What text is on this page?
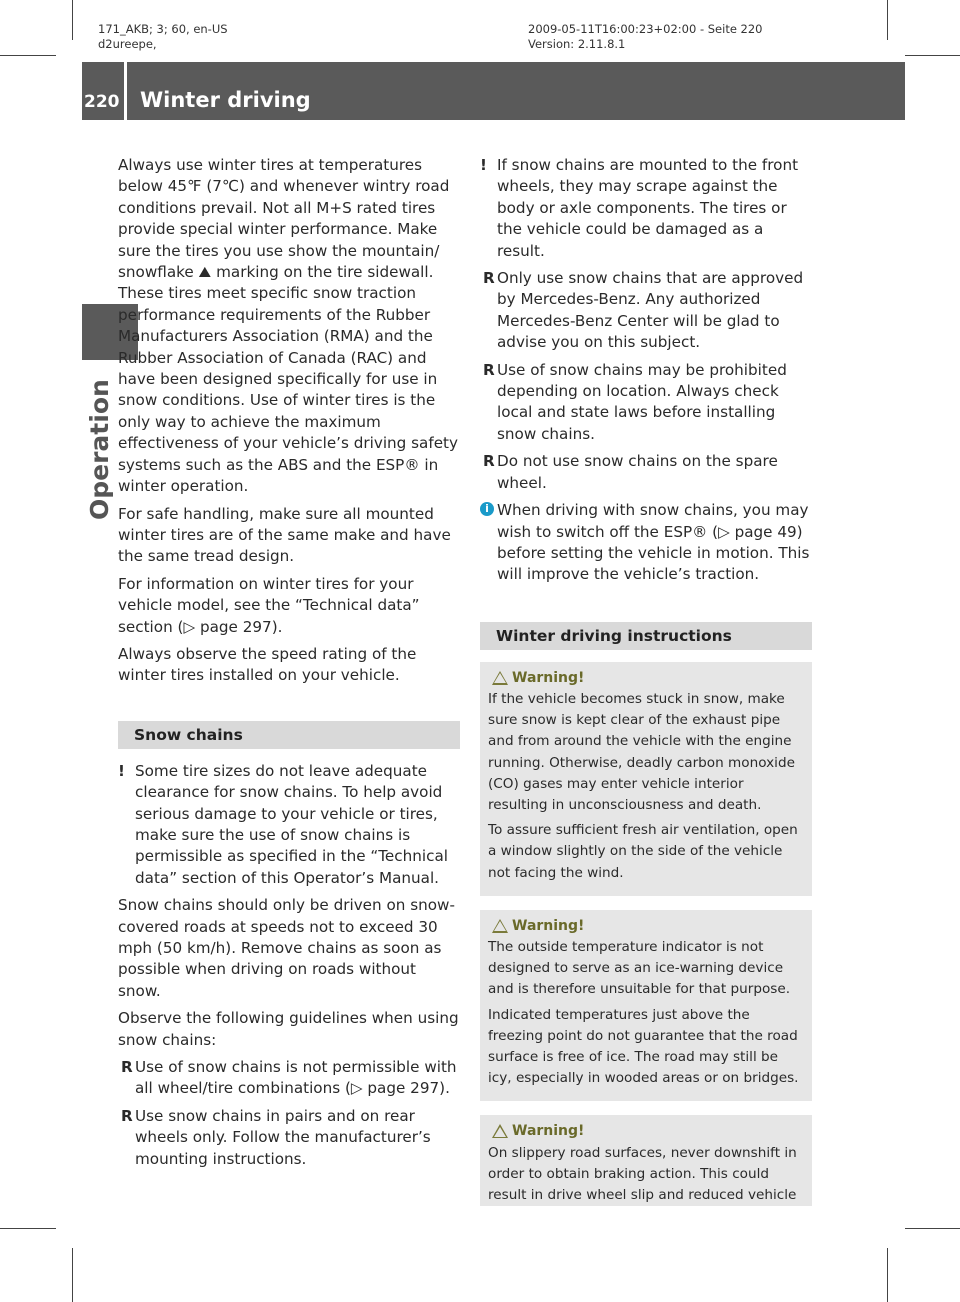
171_AKB; 3; 60, en-US
d2ureepe,
2009-05-11T16:00:23+02:00 - Seite 220
Version: 2.11.8.1
220 Winter driving
Operation

Always use winter tires at temperatures below 45℉ (7℃) and whenever wintry road conditions prevail. Not all M+S rated tires provide special winter performance. Make sure the tires you use show the mountain/ snowflake ⛰ marking on the tire sidewall. These tires meet specific snow traction performance requirements of the Rubber Manufacturers Association (RMA) and the Rubber Association of Canada (RAC) and have been designed specifically for use in snow conditions. Use of winter tires is the only way to achieve the maximum effectiveness of your vehicle’s driving safety systems such as the ABS and the ESP® in winter operation.

For safe handling, make sure all mounted winter tires are of the same make and have the same tread design.

For information on winter tires for your vehicle model, see the “Technical data” section (▷ page 297).

Always observe the speed rating of the winter tires installed on your vehicle.

Snow chains
! Some tire sizes do not leave adequate clearance for snow chains. To help avoid serious damage to your vehicle or tires, make sure the use of snow chains is permissible as specified in the “Technical data” section of this Operator’s Manual.

Snow chains should only be driven on snow-covered roads at speeds not to exceed 30 mph (50 km/h). Remove chains as soon as possible when driving on roads without snow.

Observe the following guidelines when using snow chains:

R Use of snow chains is not permissible with all wheel/tire combinations (▷ page 297).
R Use snow chains in pairs and on rear wheels only. Follow the manufacturer’s mounting instructions.
! If snow chains are mounted to the front wheels, they may scrape against the body or axle components. The tires or the vehicle could be damaged as a result.
R Only use snow chains that are approved by Mercedes-Benz. Any authorized Mercedes-Benz Center will be glad to advise you on this subject.
R Use of snow chains may be prohibited depending on location. Always check local and state laws before installing snow chains.
R Do not use snow chains on the spare wheel.
i When driving with snow chains, you may wish to switch off the ESP® (▷ page 49) before setting the vehicle in motion. This will improve the vehicle’s traction.
Winter driving instructions
Warning!

If the vehicle becomes stuck in snow, make sure snow is kept clear of the exhaust pipe and from around the vehicle with the engine running. Otherwise, deadly carbon monoxide (CO) gases may enter vehicle interior resulting in unconsciousness and death.

To assure sufficient fresh air ventilation, open a window slightly on the side of the vehicle not facing the wind.

Warning!

The outside temperature indicator is not designed to serve as an ice-warning device and is therefore unsuitable for that purpose.

Indicated temperatures just above the freezing point do not guarantee that the road surface is free of ice. The road may still be icy, especially in wooded areas or on bridges.

Warning!

On slippery road surfaces, never downshift in order to obtain braking action. This could result in drive wheel slip and reduced vehicle
